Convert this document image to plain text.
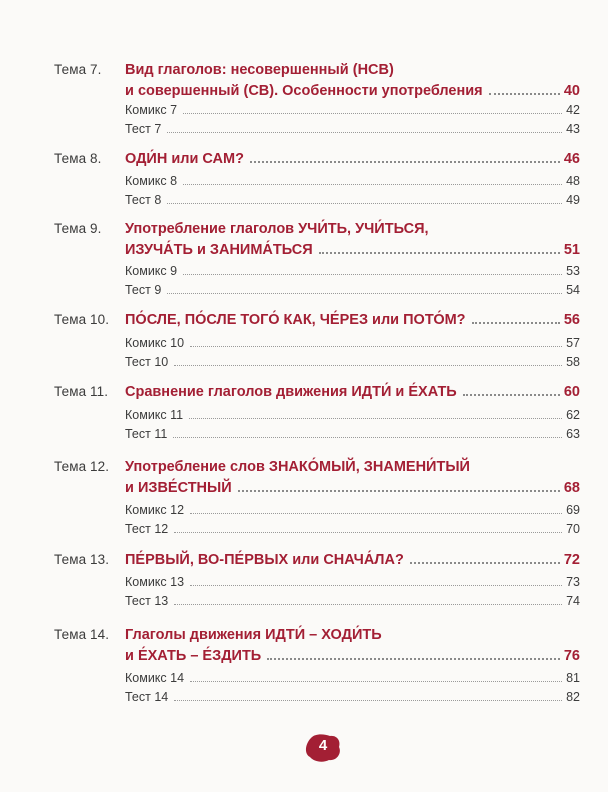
Тема 7. Вид глаголов: несовершенный (НСВ)
и совершенный (СВ). Особенности употребления	40
Комикс 7	42
Тест 7	43
Тема 8. ОДИ́Н или САМ?	46
Комикс 8	48
Тест 8	49
Тема 9. Употребление глаголов УЧИ́ТЬ, УЧИ́ТЬСЯ,
ИЗУЧА́ТЬ и ЗАНИМА́ТЬСЯ	51
Комикс 9	53
Тест 9	54
Тема 10. ПО́СЛЕ, ПО́СЛЕ ТОГО́ КАК, ЧЕ́РЕЗ или ПОТО́М?	56
Комикс 10	57
Тест 10	58
Тема 11. Сравнение глаголов движения ИДТИ́ и Е́ХАТЬ	60
Комикс 11	62
Тест 11	63
Тема 12. Употребление слов ЗНАКО́МЫЙ, ЗНАМЕНИ́ТЫЙ
и ИЗВЕ́СТНЫЙ	68
Комикс 12	69
Тест 12	70
Тема 13. ПЕ́РВЫЙ, ВО-ПЕ́РВЫХ или СНАЧА́ЛА?	72
Комикс 13	73
Тест 13	74
Тема 14. Глаголы движения ИДТИ́ – ХОДИ́ТЬ
и Е́ХАТЬ – Е́ЗДИТЬ	76
Комикс 14	81
Тест 14	82
4
